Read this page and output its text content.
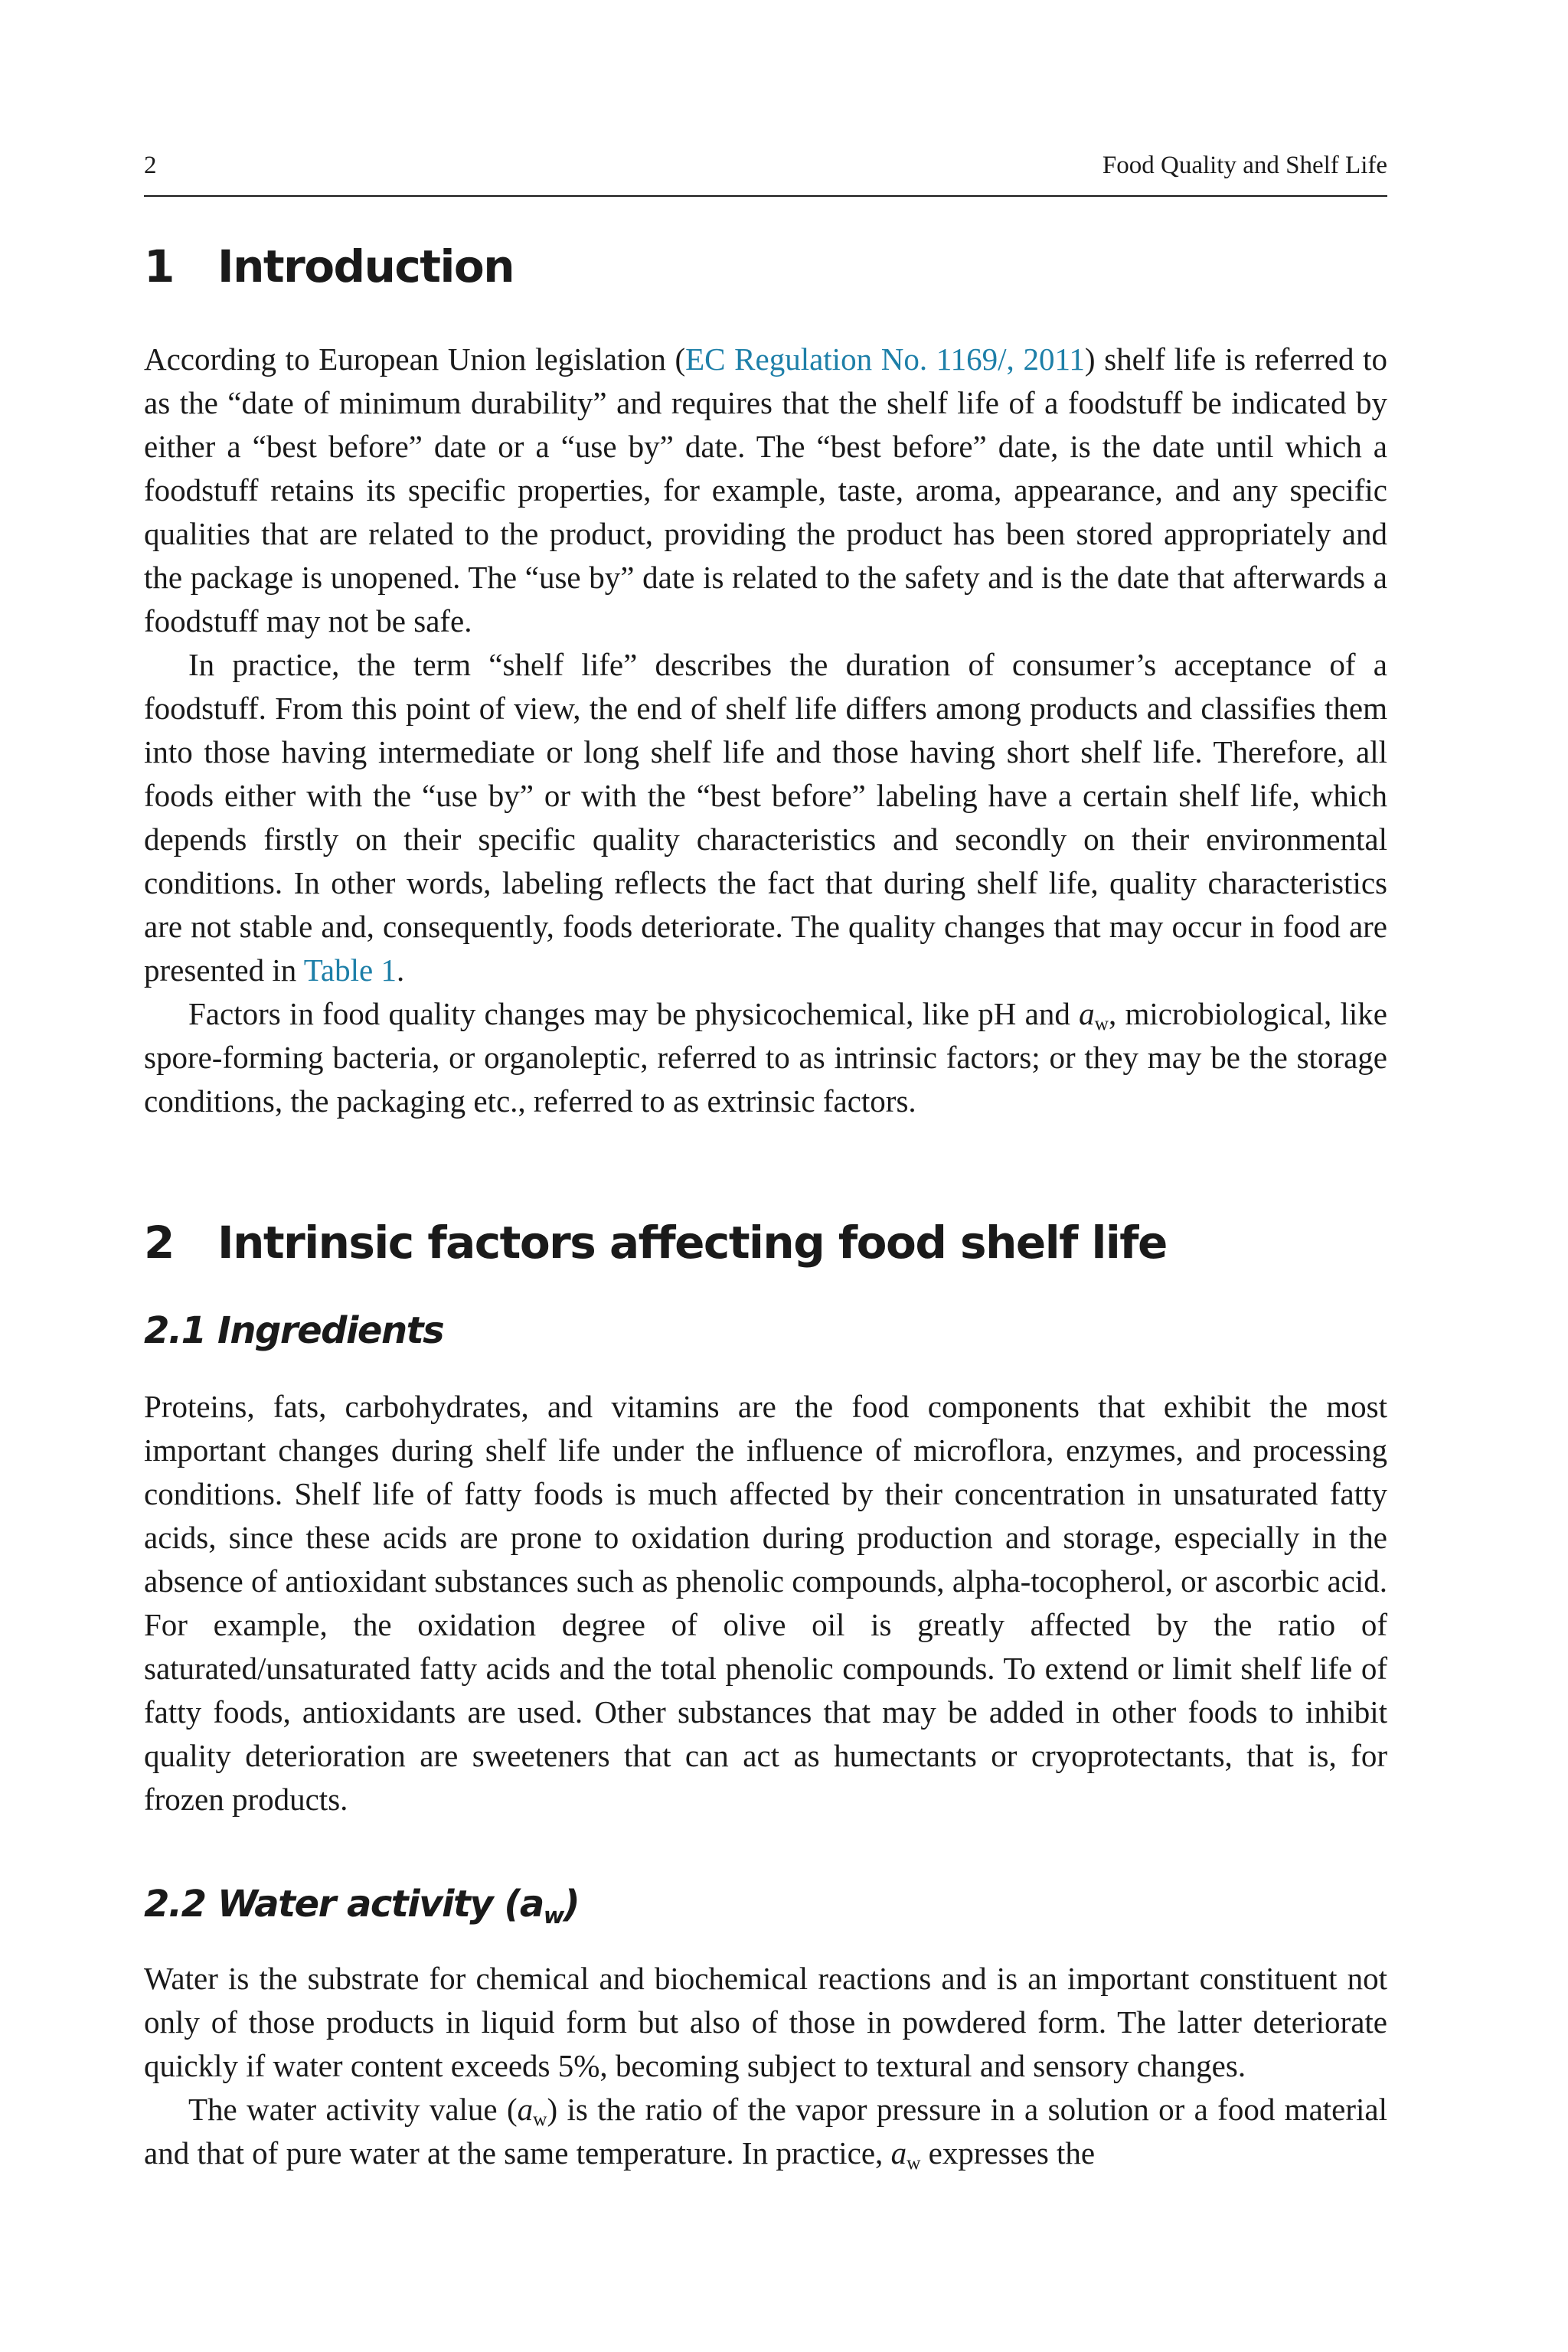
2	Food Quality and Shelf Life
1 Introduction

According to European Union legislation (EC Regulation No. 1169/, 2011) shelf life is referred to as the “date of minimum durability” and requires that the shelf life of a foodstuff be indicated by either a “best before” date or a “use by” date. The “best before” date, is the date until which a foodstuff retains its specific properties, for example, taste, aroma, appearance, and any specific qualities that are related to the product, providing the product has been stored appropriately and the package is unopened. The “use by” date is related to the safety and is the date that afterwards a foodstuff may not be safe.

In practice, the term “shelf life” describes the duration of consumer’s acceptance of a foodstuff. From this point of view, the end of shelf life differs among products and classifies them into those having intermediate or long shelf life and those having short shelf life. Therefore, all foods either with the “use by” or with the “best before” labeling have a certain shelf life, which depends firstly on their specific quality characteristics and secondly on their environmental conditions. In other words, labeling reflects the fact that during shelf life, quality characteristics are not stable and, consequently, foods deteriorate. The quality changes that may occur in food are presented in Table 1.

Factors in food quality changes may be physicochemical, like pH and $a_w$, microbiological, like spore-forming bacteria, or organoleptic, referred to as intrinsic factors; or they may be the storage conditions, the packaging etc., referred to as extrinsic factors.

2 Intrinsic factors affecting food shelf life
2.1 Ingredients

Proteins, fats, carbohydrates, and vitamins are the food components that exhibit the most important changes during shelf life under the influence of microflora, enzymes, and processing conditions. Shelf life of fatty foods is much affected by their concentration in unsaturated fatty acids, since these acids are prone to oxidation during production and storage, especially in the absence of antioxidant substances such as phenolic compounds, alpha-tocopherol, or ascorbic acid. For example, the oxidation degree of olive oil is greatly affected by the ratio of saturated/unsaturated fatty acids and the total phenolic compounds. To extend or limit shelf life of fatty foods, antioxidants are used. Other substances that may be added in other foods to inhibit quality deterioration are sweeteners that can act as humectants or cryoprotectants, that is, for frozen products.

2.2 Water activity $(a_w)$

Water is the substrate for chemical and biochemical reactions and is an important constituent not only of those products in liquid form but also of those in powdered form. The latter deteriorate quickly if water content exceeds 5%, becoming subject to textural and sensory changes.

The water activity value $(a_w)$ is the ratio of the vapor pressure in a solution or a food material and that of pure water at the same temperature. In practice, $a_w$ expresses the
